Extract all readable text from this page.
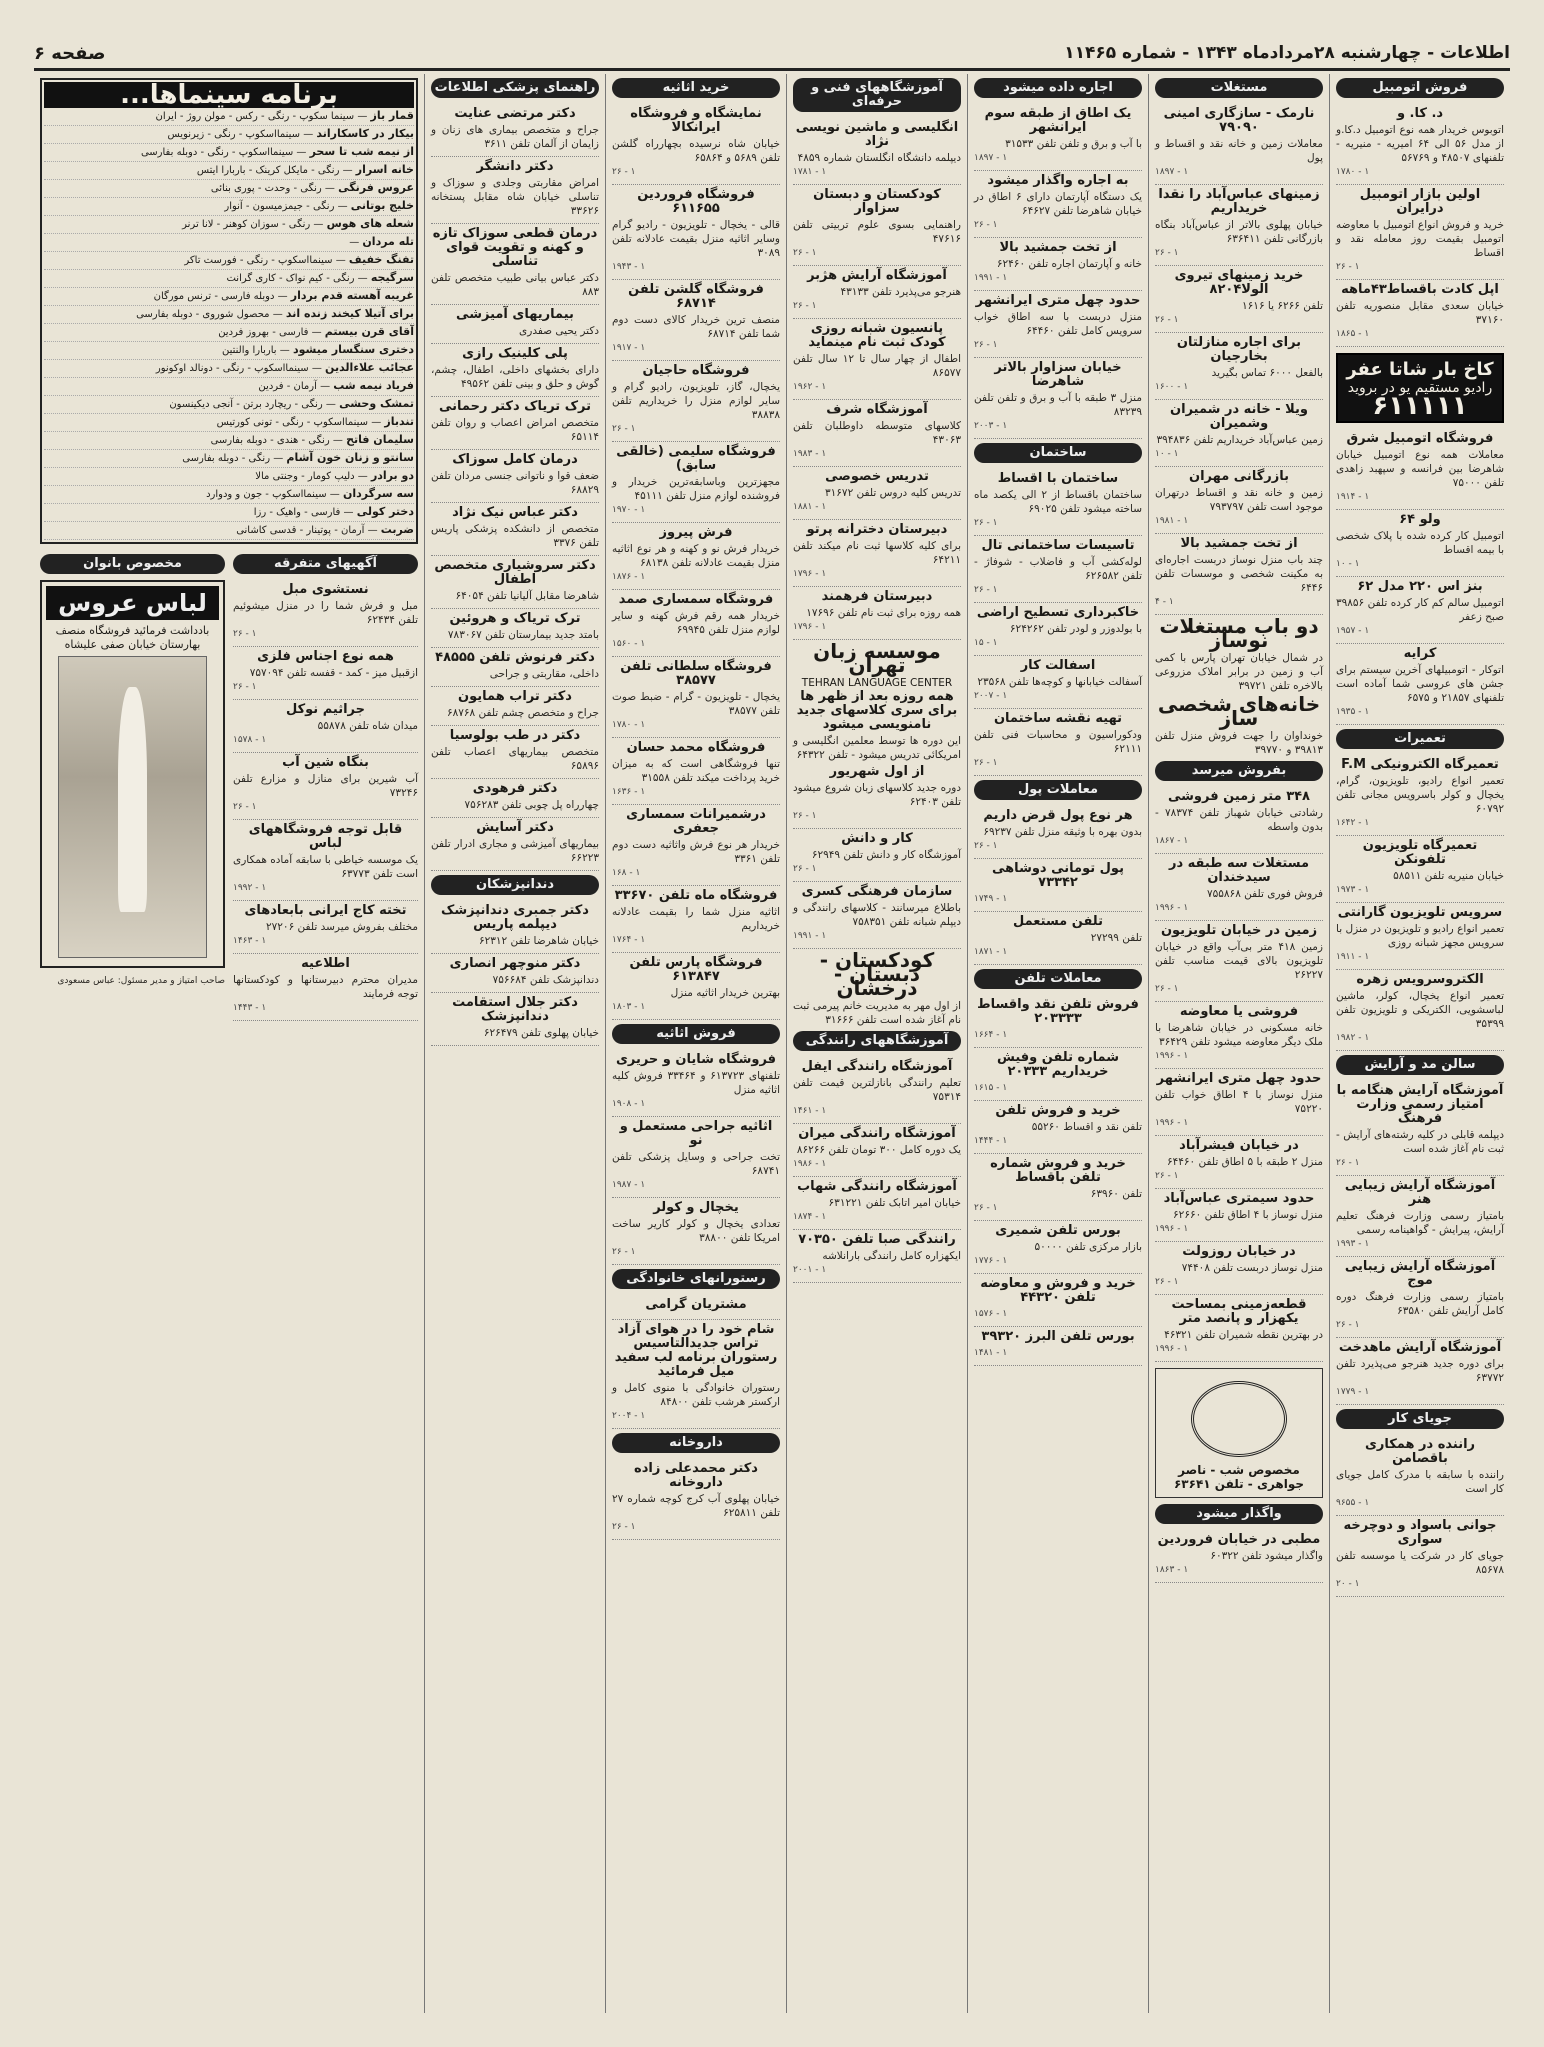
اطلاعات - چهارشنبه ۲۸مرداد‌ماه ۱۳۴۳ - شماره ۱۱۴۶۵
صفحه ۶
فروش اتومبیل
د. کا. و
اتوبوس خریدار همه نوع اتومبیل د.کا.و از مدل ۵۶ الی ۶۴ امیریه - منیریه - تلفنهای ۴۸۵۰۷ و ۵۶۷۶۹
۱ - ۱۷۸۰
اولین بازار اتومبیل درایران
خرید و فروش انواع اتومبیل با معاوضه اتومبیل بقیمت روز معامله نقد و اقساط
۱ - ۲۶
اپل کادت باقساط۴۳ماهه
خیابان سعدی مقابل منصوریه تلفن ۳۷۱۶۰
۱ - ۱۸۶۵
کاخ بار شاتا عفر
رادیو مستقیم یو در بروید
۶۱۱۱۱۱
فروشگاه اتومبیل شرق
معاملات همه نوع اتومبیل خیابان شاهرضا بین فرانسه و سپهبد زاهدی تلفن ۷۵۰۰۰
۱ - ۱۹۱۴
ولو ۶۴
اتومبیل کار کرده شده با پلاک شخصی با بیمه اقساط
۱ - ۱۰
بنز اس ۲۲۰ مدل ۶۲
اتومبیل سالم کم کار کرده تلفن ۳۹۸۵۶ صبح زعفر
۱ - ۱۹۵۷
کرایه
اتوکار - اتومبیلهای آخرین سیستم برای جشن های عروسی شما آماده است تلفنهای ۲۱۸۵۷ و ۶۵۷۵
۱ - ۱۹۳۵
تعمیرات
تعمیرگاه الکترونیکی F.M
تعمیر انواع رادیو، تلویزیون، گرام، یخچال و کولر باسرویس مجانی تلفن ۶۰۷۹۲
۱ - ۱۶۴۲
تعمیرگاه تلویزیون تلفونکن
خیابان منیریه تلفن ۵۸۵۱۱
۱ - ۱۹۷۳
سرویس تلویزیون گارانتی
تعمیر انواع رادیو و تلویزیون در منزل با سرویس مجهز شبانه روزی
۱ - ۱۹۱۱
الکتروسرویس زهره
تعمیر انواع یخچال، کولر، ماشین لباسشویی، الکتریکی و تلویزیون تلفن ۳۵۳۹۹
۱ - ۱۹۸۲
سالن مد و آرایش
آموزشگاه آرایش هنگامه با امتیاز رسمی وزارت فرهنگ
دیپلمه قابلی در کلیه رشته‌های آرایش - ثبت نام آغاز شده است
۱ - ۲۶
آموزشگاه آرایش زیبایی هنر
بامتیاز رسمی وزارت فرهنگ تعلیم آرایش، پیرایش - گواهینامه رسمی
۱ - ۱۹۹۳
آموزشگاه آرایش زیبایی موج
بامتیاز رسمی وزارت فرهنگ دوره کامل آرایش تلفن ۶۳۵۸۰
۱ - ۲۶
آموزشگاه آرایش ماهدخت
برای دوره جدید هنرجو می‌پذیرد تلفن ۶۳۷۷۲
۱ - ۱۷۷۹
جویای کار
راننده در همکاری باقصامن
راننده با سابقه با مدرک کامل جویای کار است
۱ - ۹۶۵۵
جوانی باسواد و دوچرخه سواری
جویای کار در شرکت یا موسسه تلفن ۸۵۶۷۸
۱ - ۲۰
مستغلات
نارمک - سازگاری امینی ۷۹۰۹۰
معاملات زمین و خانه نقد و اقساط و پول
۱ - ۱۸۹۷
زمینهای عباس‌آباد را نقدا خریداریم
خیابان پهلوی بالاتر از عباس‌آباد بنگاه بازرگانی تلفن ۶۳۶۴۱۱
۱ - ۲۶
خرید زمینهای تیروی الولا۸۲۰۴
تلفن ۶۲۶۶ یا ۱۶۱۶
۱ - ۲۶
برای اجاره منازلتان بخارجیان
بالفعل ۶۰۰۰ تماس بگیرید
۱ - ۱۶۰۰
ویلا - خانه در شمیران وشمیران
زمین عباس‌آباد خریداریم تلفن ۳۹۴۸۳۶
۱ - ۱۰
بازرگانی مهران
زمین و خانه نقد و اقساط درتهران موجود است تلفن ۷۹۳۷۹۷
۱ - ۱۹۸۱
از تخت جمشید بالا
چند باب منزل نوساز دربست اجاره‌ای به مکینت شخصی و موسسات تلفن ۶۴۴۶
۱ - ۴
دو باب مستغلات نوساز
در شمال خیابان تهران پارس با کمی آب و زمین در برابر املاک مزروعی بالاخره تلفن ۳۹۷۲۱
خانه‌های شخصی ساز
خونداوان را جهت فروش منزل تلفن ۳۹۸۱۳ و ۳۹۷۷۰
بفروش میرسد
۳۴۸ متر زمین فروشی
رشادتی خیابان شهباز تلفن ۷۸۳۷۴ - بدون واسطه
۱ - ۱۸۶۷
مستغلات سه طبقه در سیدخندان
فروش فوری تلفن ۷۵۵۸۶۸
۱ - ۱۹۹۶
زمین در خیابان تلویزیون
زمین ۴۱۸ متر بی‌آب واقع در خیابان تلویزیون بالای قیمت مناسب تلفن ۲۶۲۲۷
۱ - ۲۶
فروشی یا معاوضه
خانه مسکونی در خیابان شاهرضا با ملک دیگر معاوضه میشود تلفن ۳۶۴۲۹
۱ - ۱۹۹۶
حدود چهل متری ایرانشهر
منزل نوساز با ۴ اطاق خواب تلفن ۷۵۲۲۰
۱ - ۱۹۹۶
در خیابان فیشرآباد
منزل ۲ طبقه با ۵ اطاق تلفن ۶۴۴۶۰
۱ - ۲۶
حدود سیمتری عباس‌آباد
منزل نوساز با ۴ اطاق تلفن ۶۲۶۶۰
۱ - ۱۹۹۶
در خیابان روزولت
منزل نوساز دربست تلفن ۷۴۴۰۸
۱ - ۲۶
قطعه‌زمینی بمساحت یکهزار و پانصد متر
در بهترین نقطه شمیران تلفن ۴۶۳۲۱
۱ - ۱۹۹۶
مخصوص شب - ناصر جواهری - تلفن ۶۳۶۴۱
واگذار میشود
مطبی در خیابان فروردین
واگذار میشود تلفن ۶۰۳۲۲
۱ - ۱۸۶۳
اجاره داده میشود
یک اطاق از طبقه سوم ایرانشهر
با آب و برق و تلفن تلفن ۳۱۵۳۳
۱ - ۱۸۹۷
به اجاره واگذار میشود
یک دستگاه آپارتمان دارای ۶ اطاق در خیابان شاهرضا تلفن ۶۴۶۲۷
۱ - ۲۶
از تخت جمشید بالا
خانه و آپارتمان اجاره تلفن ۶۲۴۶۰
۱ - ۱۹۹۱
حدود چهل متری ایرانشهر
منزل دربست با سه اطاق خواب سرویس کامل تلفن ۶۴۴۶۰
۱ - ۲۶
خیابان سزاوار بالاتر شاهرضا
منزل ۳ طبقه با آب و برق و تلفن تلفن ۸۳۲۳۹
۱ - ۲۰۰۳
ساختمان
ساختمان با اقساط
ساختمان باقساط از ۲ الی یکصد ماه ساخته میشود تلفن ۶۹۰۲۵
۱ - ۲۶
تاسیسات ساختمانی تال
لوله‌کشی آب و فاضلاب - شوفاژ - تلفن ۶۲۶۵۸۲
۱ - ۲۶
خاکبرداری تسطیح اراضی
با بولدوزر و لودر تلفن ۶۲۴۲۶۲
۱ - ۱۵
اسفالت کار
آسفالت خیابانها و کوچه‌ها تلفن ۲۳۵۶۸
۱ - ۲۰۰۷
تهیه نقشه ساختمان
ودکوراسیون و محاسبات فنی تلفن ۶۲۱۱۱
۱ - ۲۶
معاملات پول
هر نوع پول قرض داریم
بدون بهره با وثیقه منزل تلفن ۶۹۲۳۷
۱ - ۲۶
پول تومانی دوشاهی ۷۳۳۴۲
۱ - ۱۷۴۹
تلفن مستعمل
تلفن ۲۷۲۹۹
۱ - ۱۸۷۱
معاملات تلفن
فروش تلفن نقد واقساط ۲۰۳۳۳۳
۱ - ۱۶۶۴
شماره تلفن وفیش خریداریم ۲۰۳۳۳
۱ - ۱۶۱۵
خرید و فروش تلفن
تلفن نقد و اقساط ۵۵۲۶۰
۱ - ۱۴۴۴
خرید و فروش شماره تلفن باقساط
تلفن ۶۳۹۶۰
۱ - ۲۶
بورس تلفن شمیری
بازار مرکزی تلفن ۵۰۰۰۰
۱ - ۱۷۷۶
خرید و فروش و معاوضه تلفن ۴۴۳۲۰
۱ - ۱۵۷۶
بورس تلفن البرز ۳۹۳۲۰
۱ - ۱۴۸۱
آموزشگاههای فنی و حرفه‌ای
انگلیسی و ماشین نویسی نژاد
دیپلمه دانشگاه انگلستان شماره ۴۸۵۹
۱ - ۱۷۸۱
کودکستان و دبستان سزاوار
راهنمایی بسوی علوم تربیتی تلفن ۴۷۶۱۶
۱ - ۲۶
آموزشگاه آرایش هژبر
هنرجو می‌پذیرد تلفن ۴۳۱۳۳
۱ - ۲۶
پانسیون شبانه روزی کودک ثبت نام مینماید
اطفال از چهار سال تا ۱۲ سال تلفن ۸۶۵۷۷
۱ - ۱۹۶۲
آموزشگاه شرف
کلاسهای متوسطه داوطلبان تلفن ۴۳۰۶۳
۱ - ۱۹۸۳
تدریس خصوصی
تدریس کلیه دروس تلفن ۳۱۶۷۲
۱ - ۱۸۸۱
دبیرستان دخترانه پرتو
برای کلیه کلاسها ثبت نام میکند تلفن ۶۴۲۱۱
۱ - ۱۷۹۶
دبیرستان فرهمند
همه روزه برای ثبت نام تلفن ۱۷۶۹۶
۱ - ۱۷۹۶
موسسه زبان تهران
TEHRAN LANGUAGE CENTER
همه روزه بعد از ظهر ها برای سری کلاسهای جدید نامنویسی میشود
این دوره ها توسط معلمین انگلیسی و امریکائی تدریس میشود - تلفن ۶۴۳۲۲
از اول شهریور
دوره جدید کلاسهای زبان شروع میشود تلفن ۶۲۴۰۳
۱ - ۲۶
کار و دانش
آموزشگاه کار و دانش تلفن ۶۲۹۴۹
۱ - ۲۶
سازمان فرهنگی کسری
باطلاع میرسانند - کلاسهای رانندگی و دیپلم شبانه تلفن ۷۵۸۳۵۱
۱ - ۱۹۹۱
کودکستان - دبستان - درخشان
از اول مهر به مدیریت خانم پیرمی ثبت نام آغاز شده است تلفن ۳۱۶۶۶
آموزشگاههای رانندگی
آموزشگاه رانندگی ایفل
تعلیم رانندگی بانازلترین قیمت تلفن ۷۵۳۱۴
۱ - ۱۴۶۱
آموزشگاه رانندگی میران
یک دوره کامل ۳۰۰ تومان تلفن ۸۶۲۶۶
۱ - ۱۹۸۶
آموزشگاه رانندگی شهاب
خیابان امیر اتابک تلفن ۶۳۱۲۲۱
۱ - ۱۸۷۴
رانندگی صبا تلفن ۷۰۳۵۰
ایکهزاره کامل رانندگی بارانلاشه
۱ - ۲۰۰۱
خرید اثاثیه
نمایشگاه و فروشگاه ایرانکالا
خیابان شاه نرسیده بچهارراه گلشن تلفن ۵۶۸۹ و ۶۵۸۶۴
۱ - ۲۶
فروشگاه فروردین ۶۱۱۶۵۵
قالی - یخچال - تلویزیون - رادیو گرام وسایر اثاثیه منزل بقیمت عادلانه تلفن ۳۰۸۹
۱ - ۱۹۴۳
فروشگاه گلشن تلفن ۶۸۷۱۴
منصف ترین خریدار کالای دست دوم شما تلفن ۶۸۷۱۴
۱ - ۱۹۱۷
فروشگاه حاجیان
یخچال، گاز، تلویزیون، رادیو گرام و سایر لوازم منزل را خریداریم تلفن ۳۸۸۳۸
۱ - ۲۶
فروشگاه سلیمی (خالقی سابق)
مجهزترین وباسابقه‌ترین خریدار و فروشنده لوازم منزل تلفن ۴۵۱۱۱
۱ - ۱۹۷۰
فرش پیروز
خریدار فرش نو و کهنه و هر نوع اثاثیه منزل بقیمت عادلانه تلفن ۶۸۱۳۸
۱ - ۱۸۷۶
فروشگاه سمساری صمد
خریدار همه رقم فرش کهنه و سایر لوازم منزل تلفن ۶۹۹۴۵
۱ - ۱۵۶۰
فروشگاه سلطانی تلفن ۳۸۵۷۷
یخچال - تلویزیون - گرام - ضبط صوت تلفن ۳۸۵۷۷
۱ - ۱۷۸۰
فروشگاه محمد حسان
تنها فروشگاهی است که به میزان خرید پرداخت میکند تلفن ۳۱۵۵۸
۱ - ۱۶۳۶
درشمیرانات سمساری جعفری
خریدار هر نوع فرش واثاثیه دست دوم تلفن ۳۳۶۱
۱ - ۱۶۸
فروشگاه ماه تلفن ۳۳۶۷۰
اثاثیه منزل شما را بقیمت عادلانه خریداریم
۱ - ۱۷۶۴
فروشگاه پارس تلفن ۶۱۳۸۴۷
بهترین خریدار اثاثیه منزل
۱ - ۱۸۰۳
فروش اثاثیه
فروشگاه شایان و حریری
تلفنهای ۶۱۳۷۲۳ و ۳۳۴۶۴ فروش کلیه اثاثیه منزل
۱ - ۱۹۰۸
اثاثیه جراحی مستعمل و نو
تخت جراحی و وسایل پزشکی تلفن ۶۸۷۴۱
۱ - ۱۹۸۷
یخچال و کولر
تعدادی یخچال و کولر کاریر ساخت امریکا تلفن ۳۸۸۰۰
۱ - ۲۶
رستورانهای خانوادگی
مشتریان گرامی
شام خود را در هوای آزاد تراس جدیدالتاسیس رستوران برنامه لب سفید میل فرمائید
رستوران خانوادگی با منوی کامل و ارکستر هرشب تلفن ۸۴۸۰۰
۱ - ۲۰۰۴
داروخانه
دکتر محمدعلی زاده داروخانه
خیابان پهلوی آب کرج کوچه شماره ۲۷ تلفن ۶۲۵۸۱۱
۱ - ۲۶
راهنمای پزشکی اطلاعات
دکتر مرتضی عنایت
جراح و متخصص بیماری های زنان و زایمان از آلمان تلفن ۳۶۱۱
دکتر دانشگر
امراض مقاربتی وجلدی و سوزاک و تناسلی خیابان شاه مقابل پستخانه ۳۳۶۲۶
درمان قطعی سوزاک تازه و کهنه و تقویت قوای تناسلی
دکتر عباس بیانی طبیب متخصص تلفن ۸۸۳
بیماریهای آمیزشی
دکتر یحیی صفدری
پلی کلینیک رازی
دارای بخشهای داخلی، اطفال، چشم، گوش و حلق و بینی تلفن ۴۹۵۶۲
ترک تریاک دکتر رحمانی
متخصص امراض اعصاب و روان تلفن ۶۵۱۱۴
درمان کامل سوزاک
ضعف قوا و ناتوانی جنسی مردان تلفن ۶۸۸۲۹
دکتر عباس نیک نژاد
متخصص از دانشکده پزشکی پاریس تلفن ۳۳۷۶
دکتر سروشیاری متخصص اطفال
شاهرضا مقابل آلیانیا تلفن ۶۴۰۵۴
ترک تریاک و هروئین
بامتد جدید بیمارستان تلفن ۷۸۳۰۶۷
دکتر فرنوش تلفن ۴۸۵۵۵
داخلی، مقاربتی و جراحی
دکتر تراب همایون
جراح و متخصص چشم تلفن ۶۸۷۶۸
دکتر در طب بولوسیا
متخصص بیماریهای اعصاب تلفن ۶۵۸۹۶
دکتر فرهودی
چهارراه پل چوبی تلفن ۷۵۶۲۸۳
دکتر آسایش
بیماریهای آمیزشی و مجاری ادرار تلفن ۶۶۲۲۳
دندانپزشکان
دکتر جمبری دندانپزشک دیپلمه پاریس
خیابان شاهرضا تلفن ۶۲۳۱۲
دکتر منوچهر انصاری
دندانپزشک تلفن ۷۵۶۶۸۴
دکتر جلال استقامت دندانپزشک
خیابان پهلوی تلفن ۶۲۶۴۷۹
برنامه سینماها...
قمار باز — سینما سکوپ - رنگی - رکس - مولن روژ - ایران
بیکار در کاسکاراند — سینمااسکوپ - رنگی - زیرنویس
از نیمه شب تا سحر — سینمااسکوپ - رنگی - دوبله بفارسی
خانه اسرار — رنگی - مایکل کرینک - باربارا ایتس
عروس فرنگی — رنگی - وحدت - پوری بنائی
خلیج بوتانی — رنگی - جیمزمیسون - آنوار
شعله های هوس — رنگی - سوزان کوهنر - لانا ترنر
تله مردان —
تفنگ خفیف — سینمااسکوپ - رنگی - فورست تاکر
سرگیجه — رنگی - کیم نواک - کاری گرانت
غریبه آهسته قدم بردار — دوبله فارسی - ترنس مورگان
برای آتیلا کیخند زنده اند — محصول شوروی - دوبله بفارسی
آقای قرن بیستم — فارسی - بهروز فردین
دختری سنگسار میشود — باربارا والنتین
عجائب علاءالدین — سینمااسکوپ - رنگی - دونالد اوکونور
فریاد نیمه شب — آرمان - فردین
تمشک وحشی — رنگی - ریچارد برتن - آنجی دیکینسون
تندباز — سینمااسکوپ - رنگی - تونی کورتیس
سلیمان فاتح — رنگی - هندی - دوبله بفارسی
سانتو و زنان خون آشام — رنگی - دوبله بفارسی
دو برادر — دلیپ کومار - وجنتی مالا
سه سرگردان — سینمااسکوپ - جون و ودوارد
دختر کولی — فارسی - واهیک - رزا
ضربت — آرمان - پوتینار - قدسی کاشانی
آگهیهای متفرقه
نستشوی مبل
مبل و فرش شما را در منزل میشوئیم تلفن ۶۲۴۳۴
۱ - ۲۶
همه نوع اجناس فلزی
ازقبیل میز - کمد - قفسه تلفن ۷۵۷۰۹۴
۱ - ۲۶
جراثیم نوکل
میدان شاه تلفن ۵۵۸۷۸
۱ - ۱۵۷۸
بنگاه شین آب
آب شیرین برای منازل و مزارع تلفن ۷۳۲۴۶
۱ - ۲۶
قابل توجه فروشگاههای لباس
یک موسسه خیاطی با سابقه آماده همکاری است تلفن ۶۳۷۷۳
۱ - ۱۹۹۲
تخته کاج ایرانی بابعادهای
مختلف بفروش میرسد تلفن ۲۷۲۰۶
۱ - ۱۴۶۳
اطلاعیه
مدیران محترم دبیرستانها و کودکستانها توجه فرمایند
۱ - ۱۴۴۳
مخصوص بانوان
لباس عروس
بادداشت فرمائید فروشگاه منصف بهارستان خیابان صفی علیشاه
صاحب امتیاز و مدیر مسئول: عباس مسعودی
